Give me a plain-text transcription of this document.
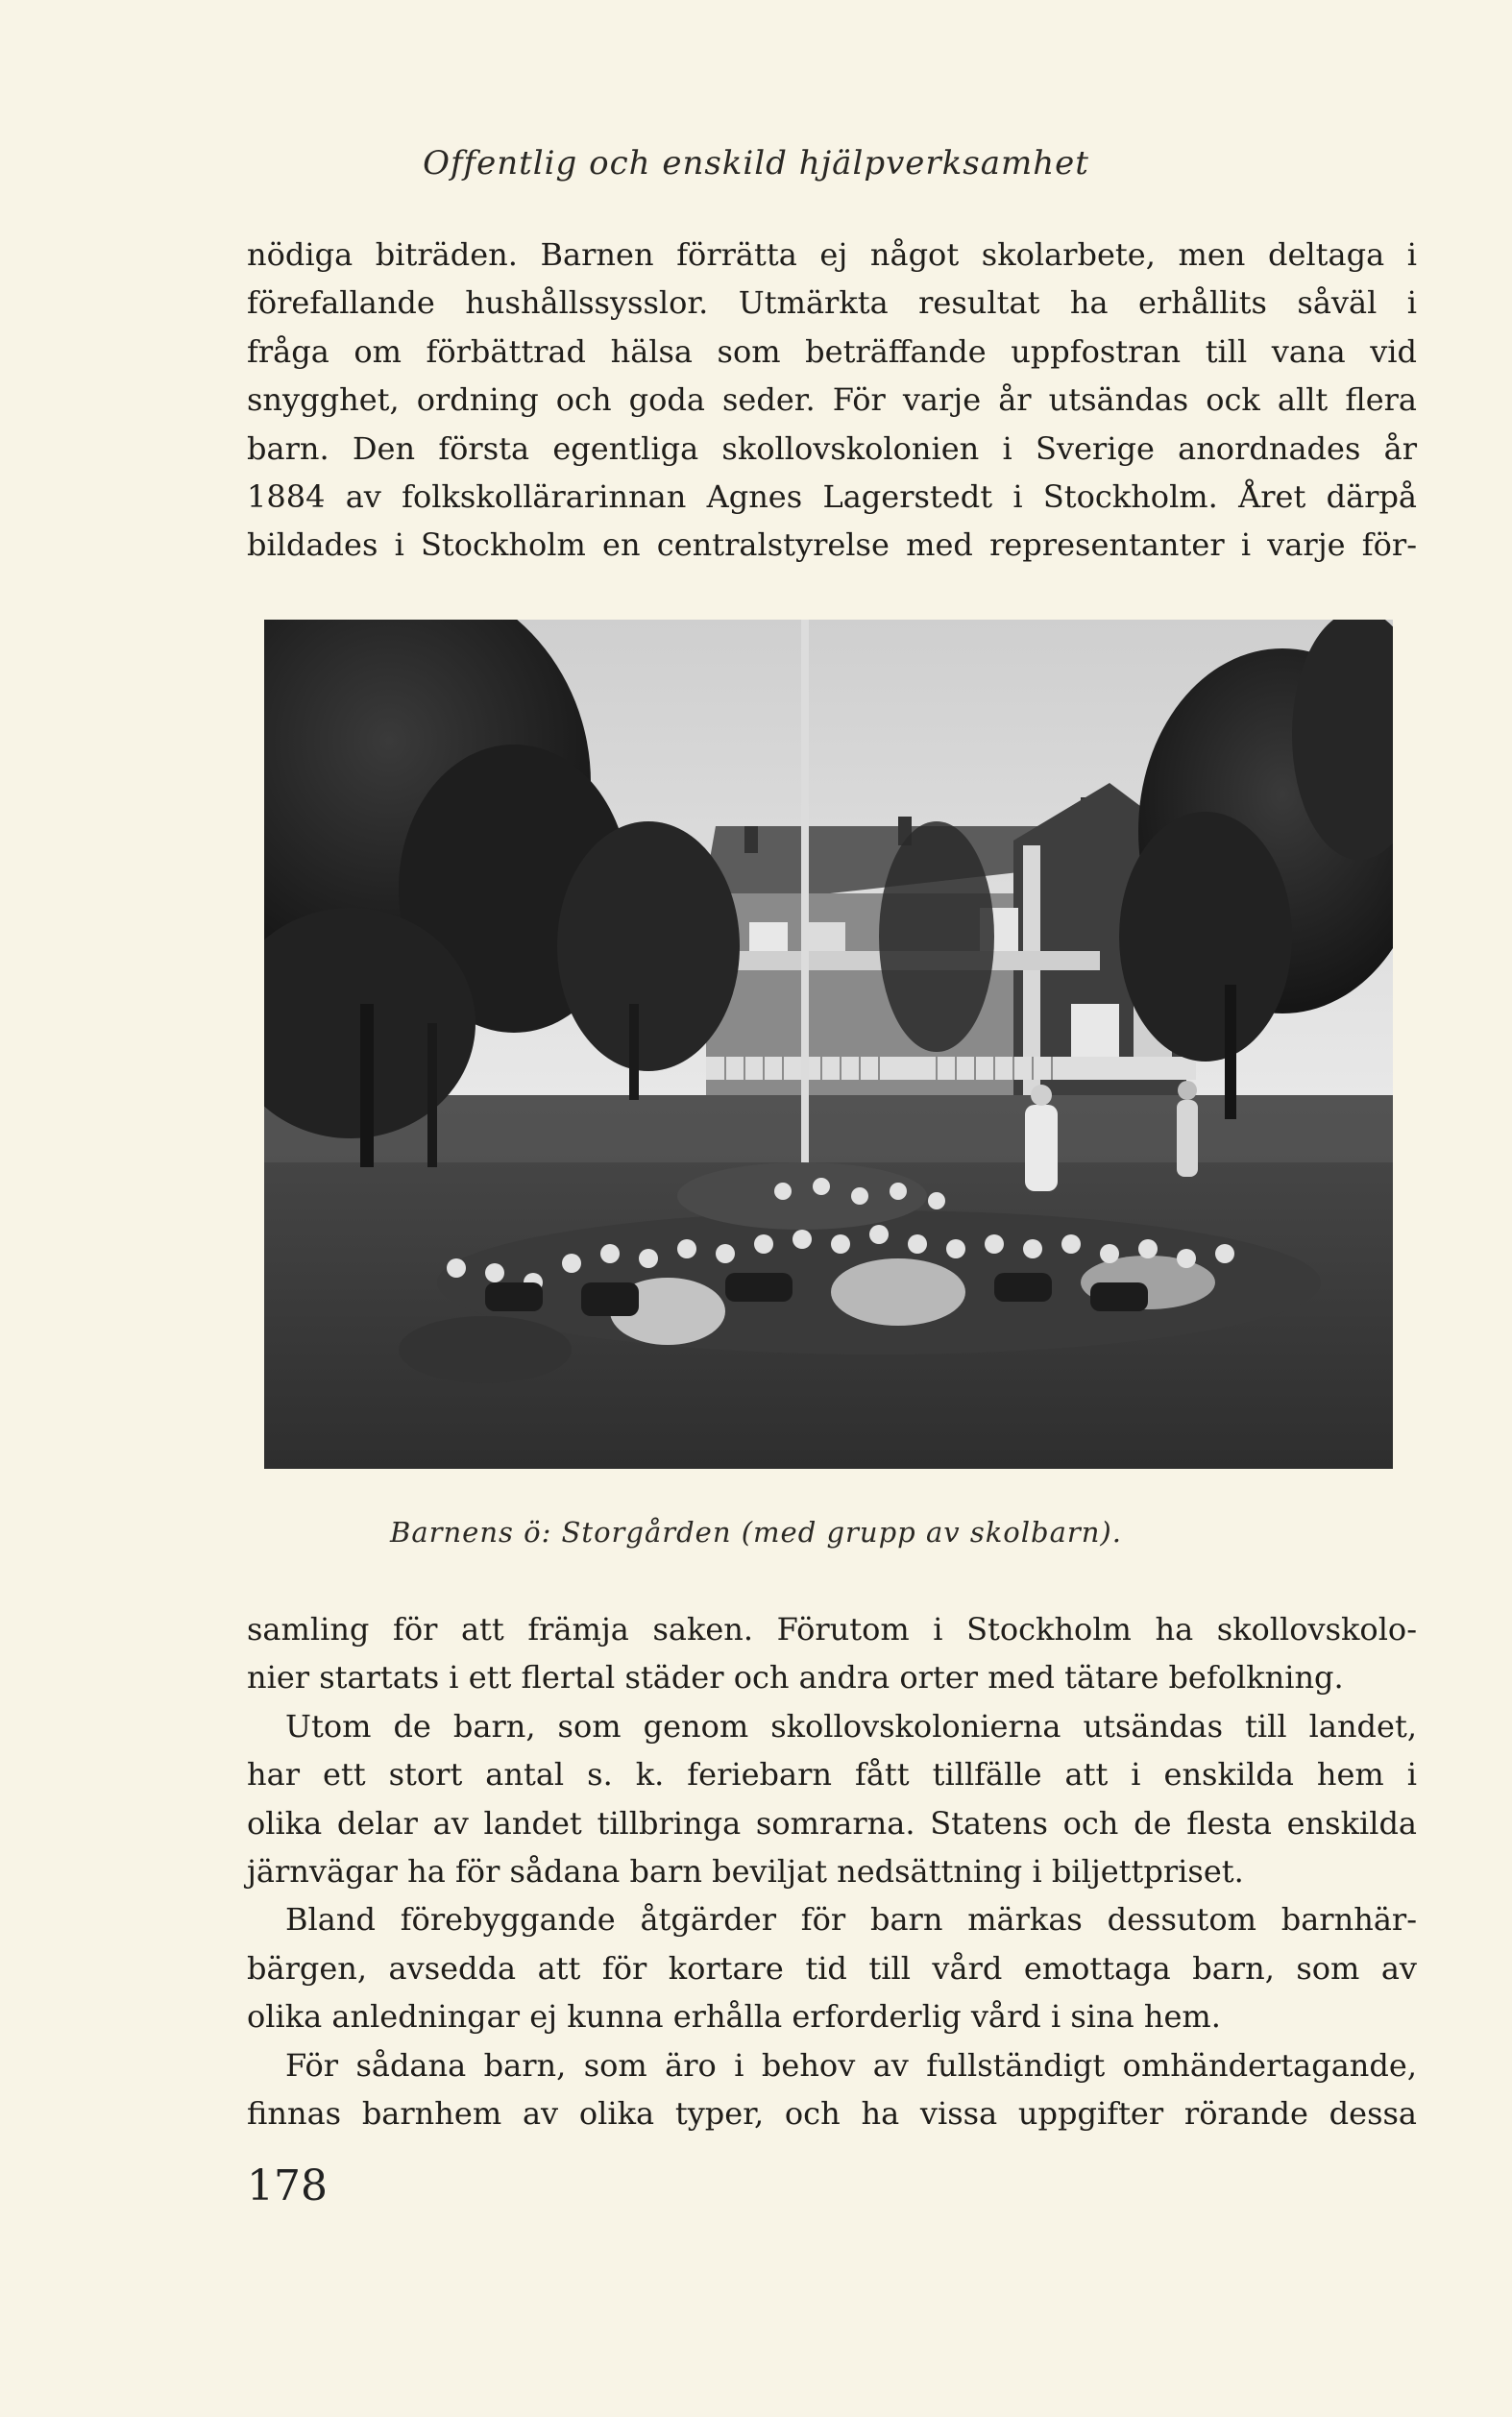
Offentlig och enskild hjälpverksamhet
nödiga biträden. Barnen förrätta ej något skolarbete, men deltaga i
förefallande hushållssysslor. Utmärkta resultat ha erhållits såväl i
fråga om förbättrad hälsa som beträffande uppfostran till vana vid
snygghet, ordning och goda seder. För varje år utsändas ock allt flera
barn. Den första egentliga skollovskolonien i Sverige anordnades år
1884 av folkskollärarinnan Agnes Lagerstedt i Stockholm. Året därpå
bildades i Stockholm en centralstyrelse med representanter i varje för-
Barnens ö: Storgården (med grupp av skolbarn).
samling för att främja saken. Förutom i Stockholm ha skollovskolo-
nier startats i ett flertal städer och andra orter med tätare befolkning.
Utom de barn, som genom skollovskolonierna utsändas till landet,
har ett stort antal s. k. feriebarn fått tillfälle att i enskilda hem i
olika delar av landet tillbringa somrarna. Statens och de flesta enskilda
järnvägar ha för sådana barn beviljat nedsättning i biljettpriset.
Bland förebyggande åtgärder för barn märkas dessutom barnhär-
bärgen, avsedda att för kortare tid till vård emottaga barn, som av
olika anledningar ej kunna erhålla erforderlig vård i sina hem.
För sådana barn, som äro i behov av fullständigt omhändertagande,
finnas barnhem av olika typer, och ha vissa uppgifter rörande dessa
178
